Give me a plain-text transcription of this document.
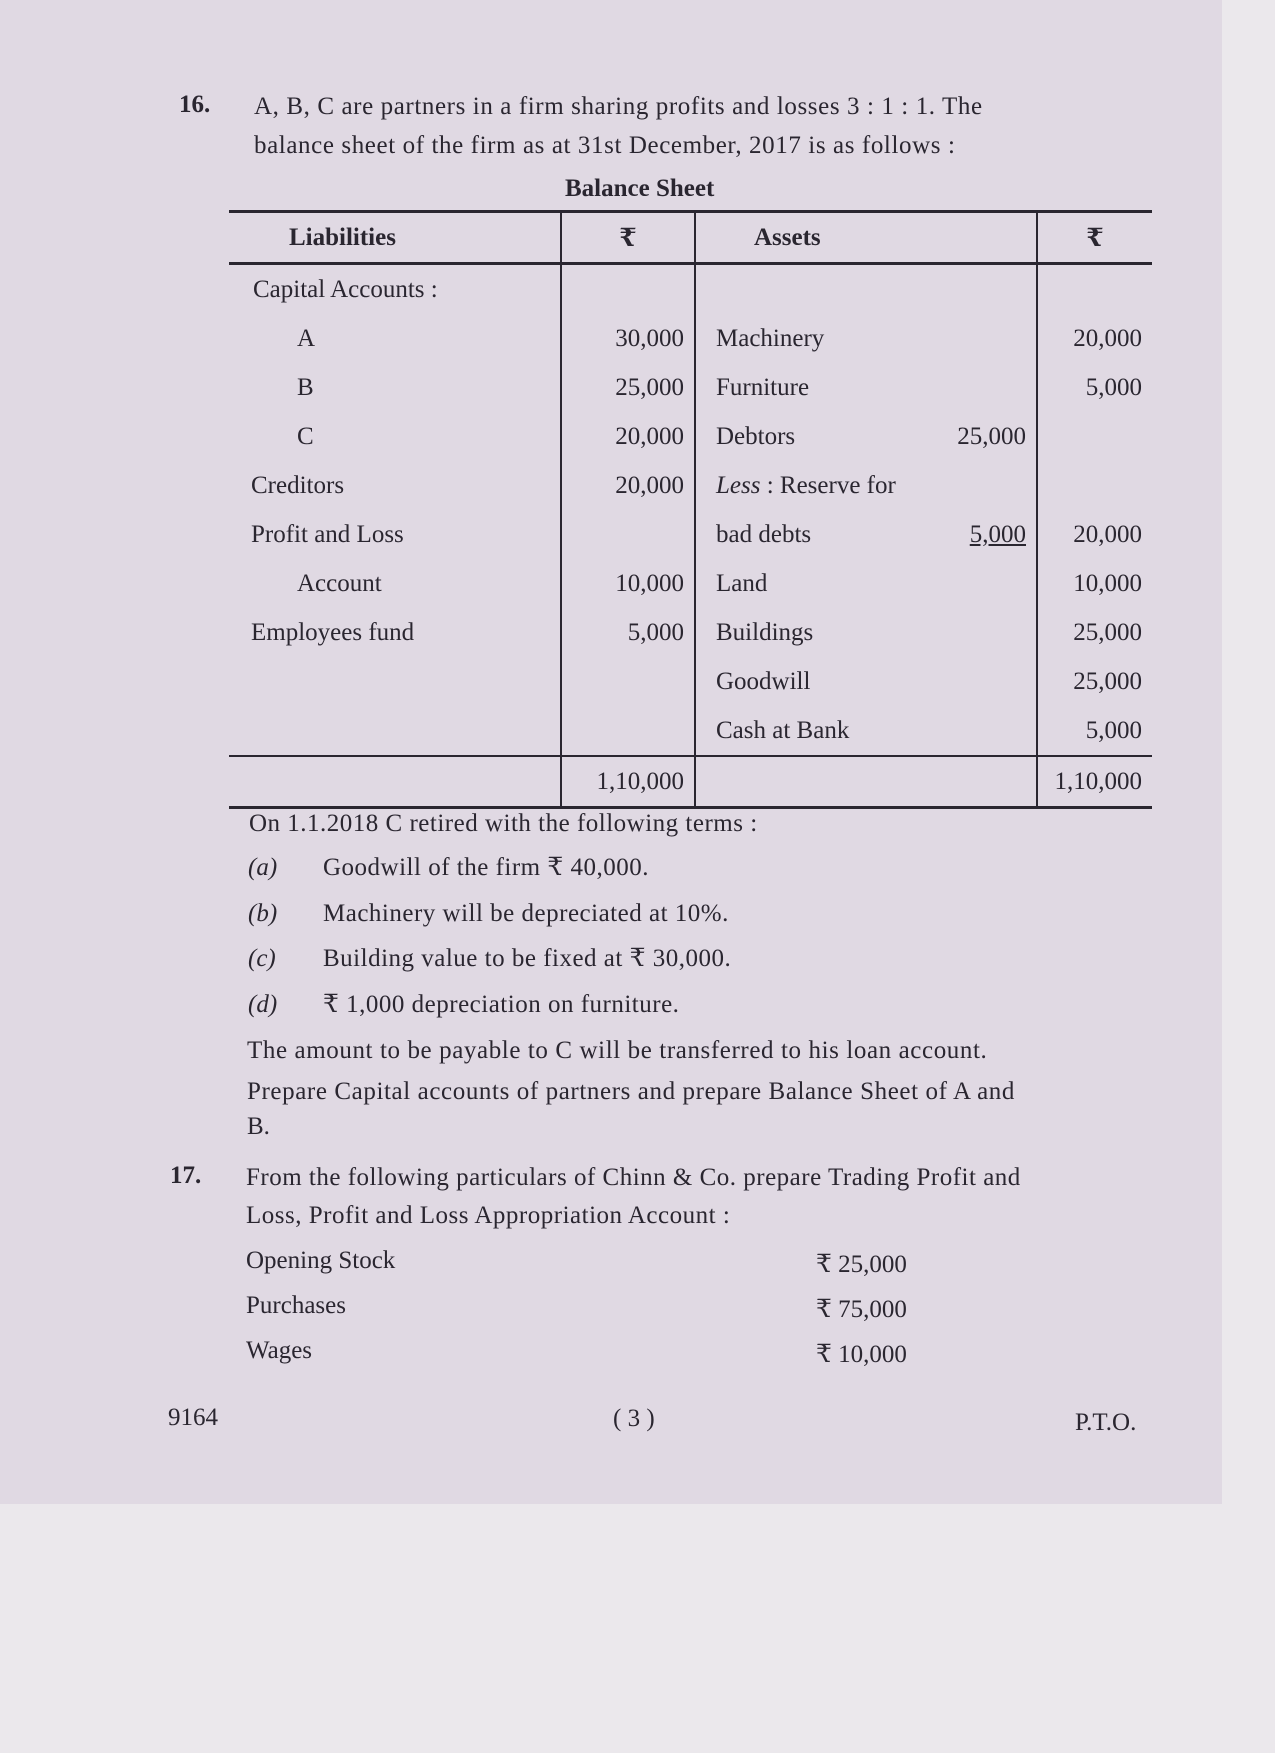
16. A, B, C are partners in a firm sharing profits and losses 3 : 1 : 1. The
balance sheet of the firm as at 31st December, 2017 is as follows :
Balance Sheet
Liabilities	₹	Assets	₹
Capital Accounts :			
A	30,000	Machinery	20,000
B	25,000	Furniture	5,000
C	20,000	Debtors 25,000	

Creditors	20,000	Less : Reserve for	
Profit and Loss		bad debts 5,000	20,000
Account	10,000	Land	10,000
Employees fund	5,000	Buildings	25,000
		Goodwill	25,000
		Cash at Bank	5,000
	1,10,000		1,10,000
On 1.1.2018 C retired with the following terms :
(a) Goodwill of the firm ₹ 40,000.
(b) Machinery will be depreciated at 10%.
(c) Building value to be fixed at ₹ 30,000.
(d) ₹ 1,000 depreciation on furniture.
The amount to be payable to C will be transferred to his loan account.
Prepare Capital accounts of partners and prepare Balance Sheet of A and
B.
17. From the following particulars of Chinn & Co. prepare Trading Profit and
Loss, Profit and Loss Appropriation Account :
Opening Stock	₹ 25,000
Purchases	₹ 75,000
Wages	₹ 10,000
9164	( 3 )	P.T.O.
